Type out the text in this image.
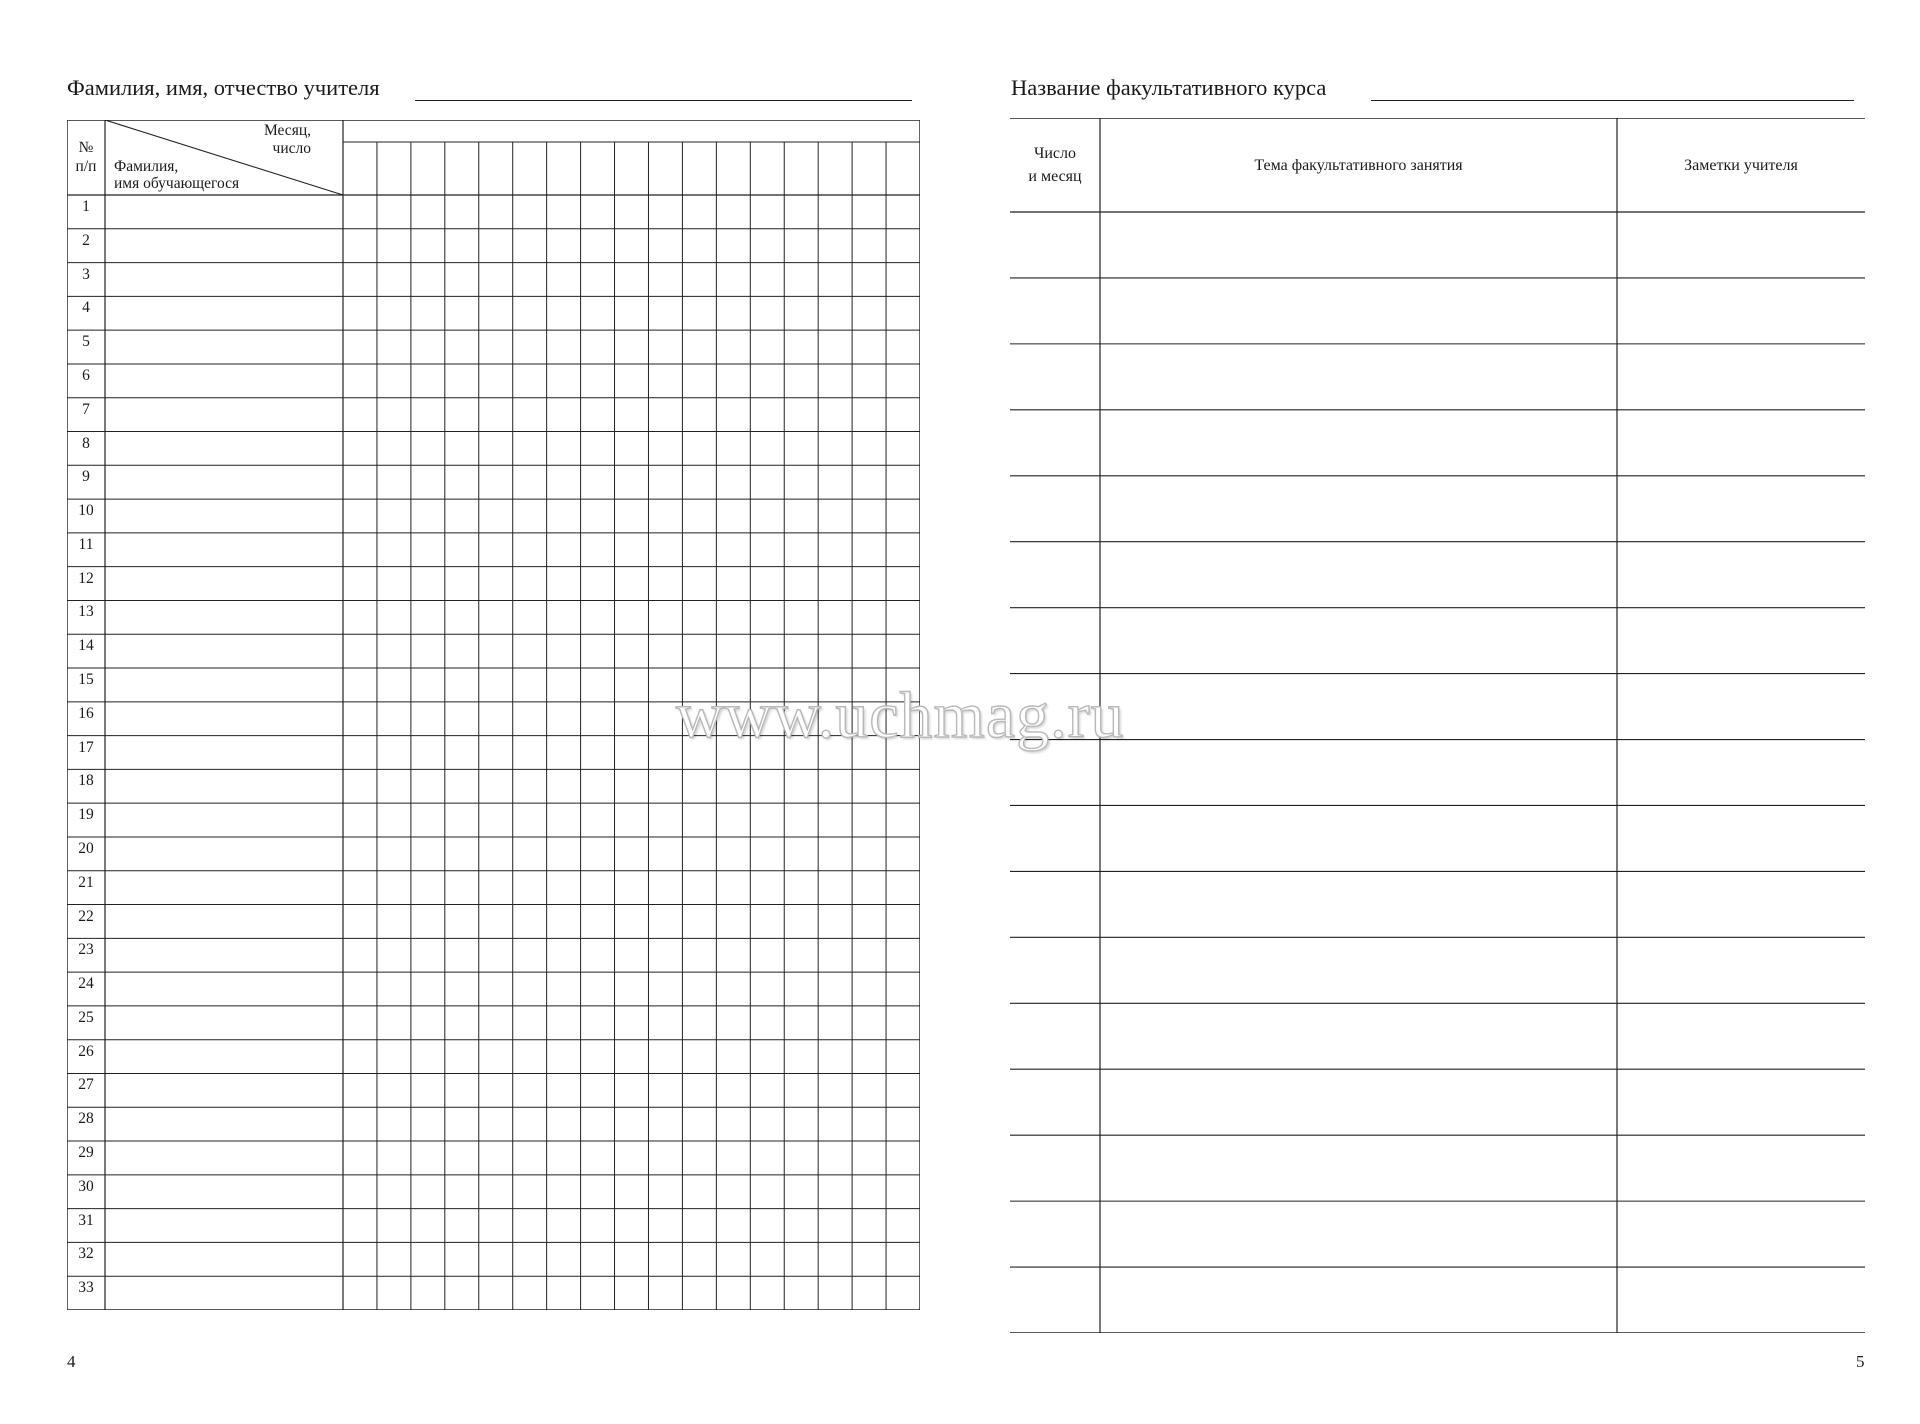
Фамилия, имя, отчество учителя
№
п/п
Месяц,
число
Фамилия,
имя обучающегося
1
2
3
4
5
6
7
8
9
10
11
12
13
14
15
16
17
18
19
20
21
22
23
24
25
26
27
28
29
30
31
32
33
4
Название факультативного курса
Число
и месяц
Тема факультативного занятия	Заметки учителя
5
www.uchmag.ru
